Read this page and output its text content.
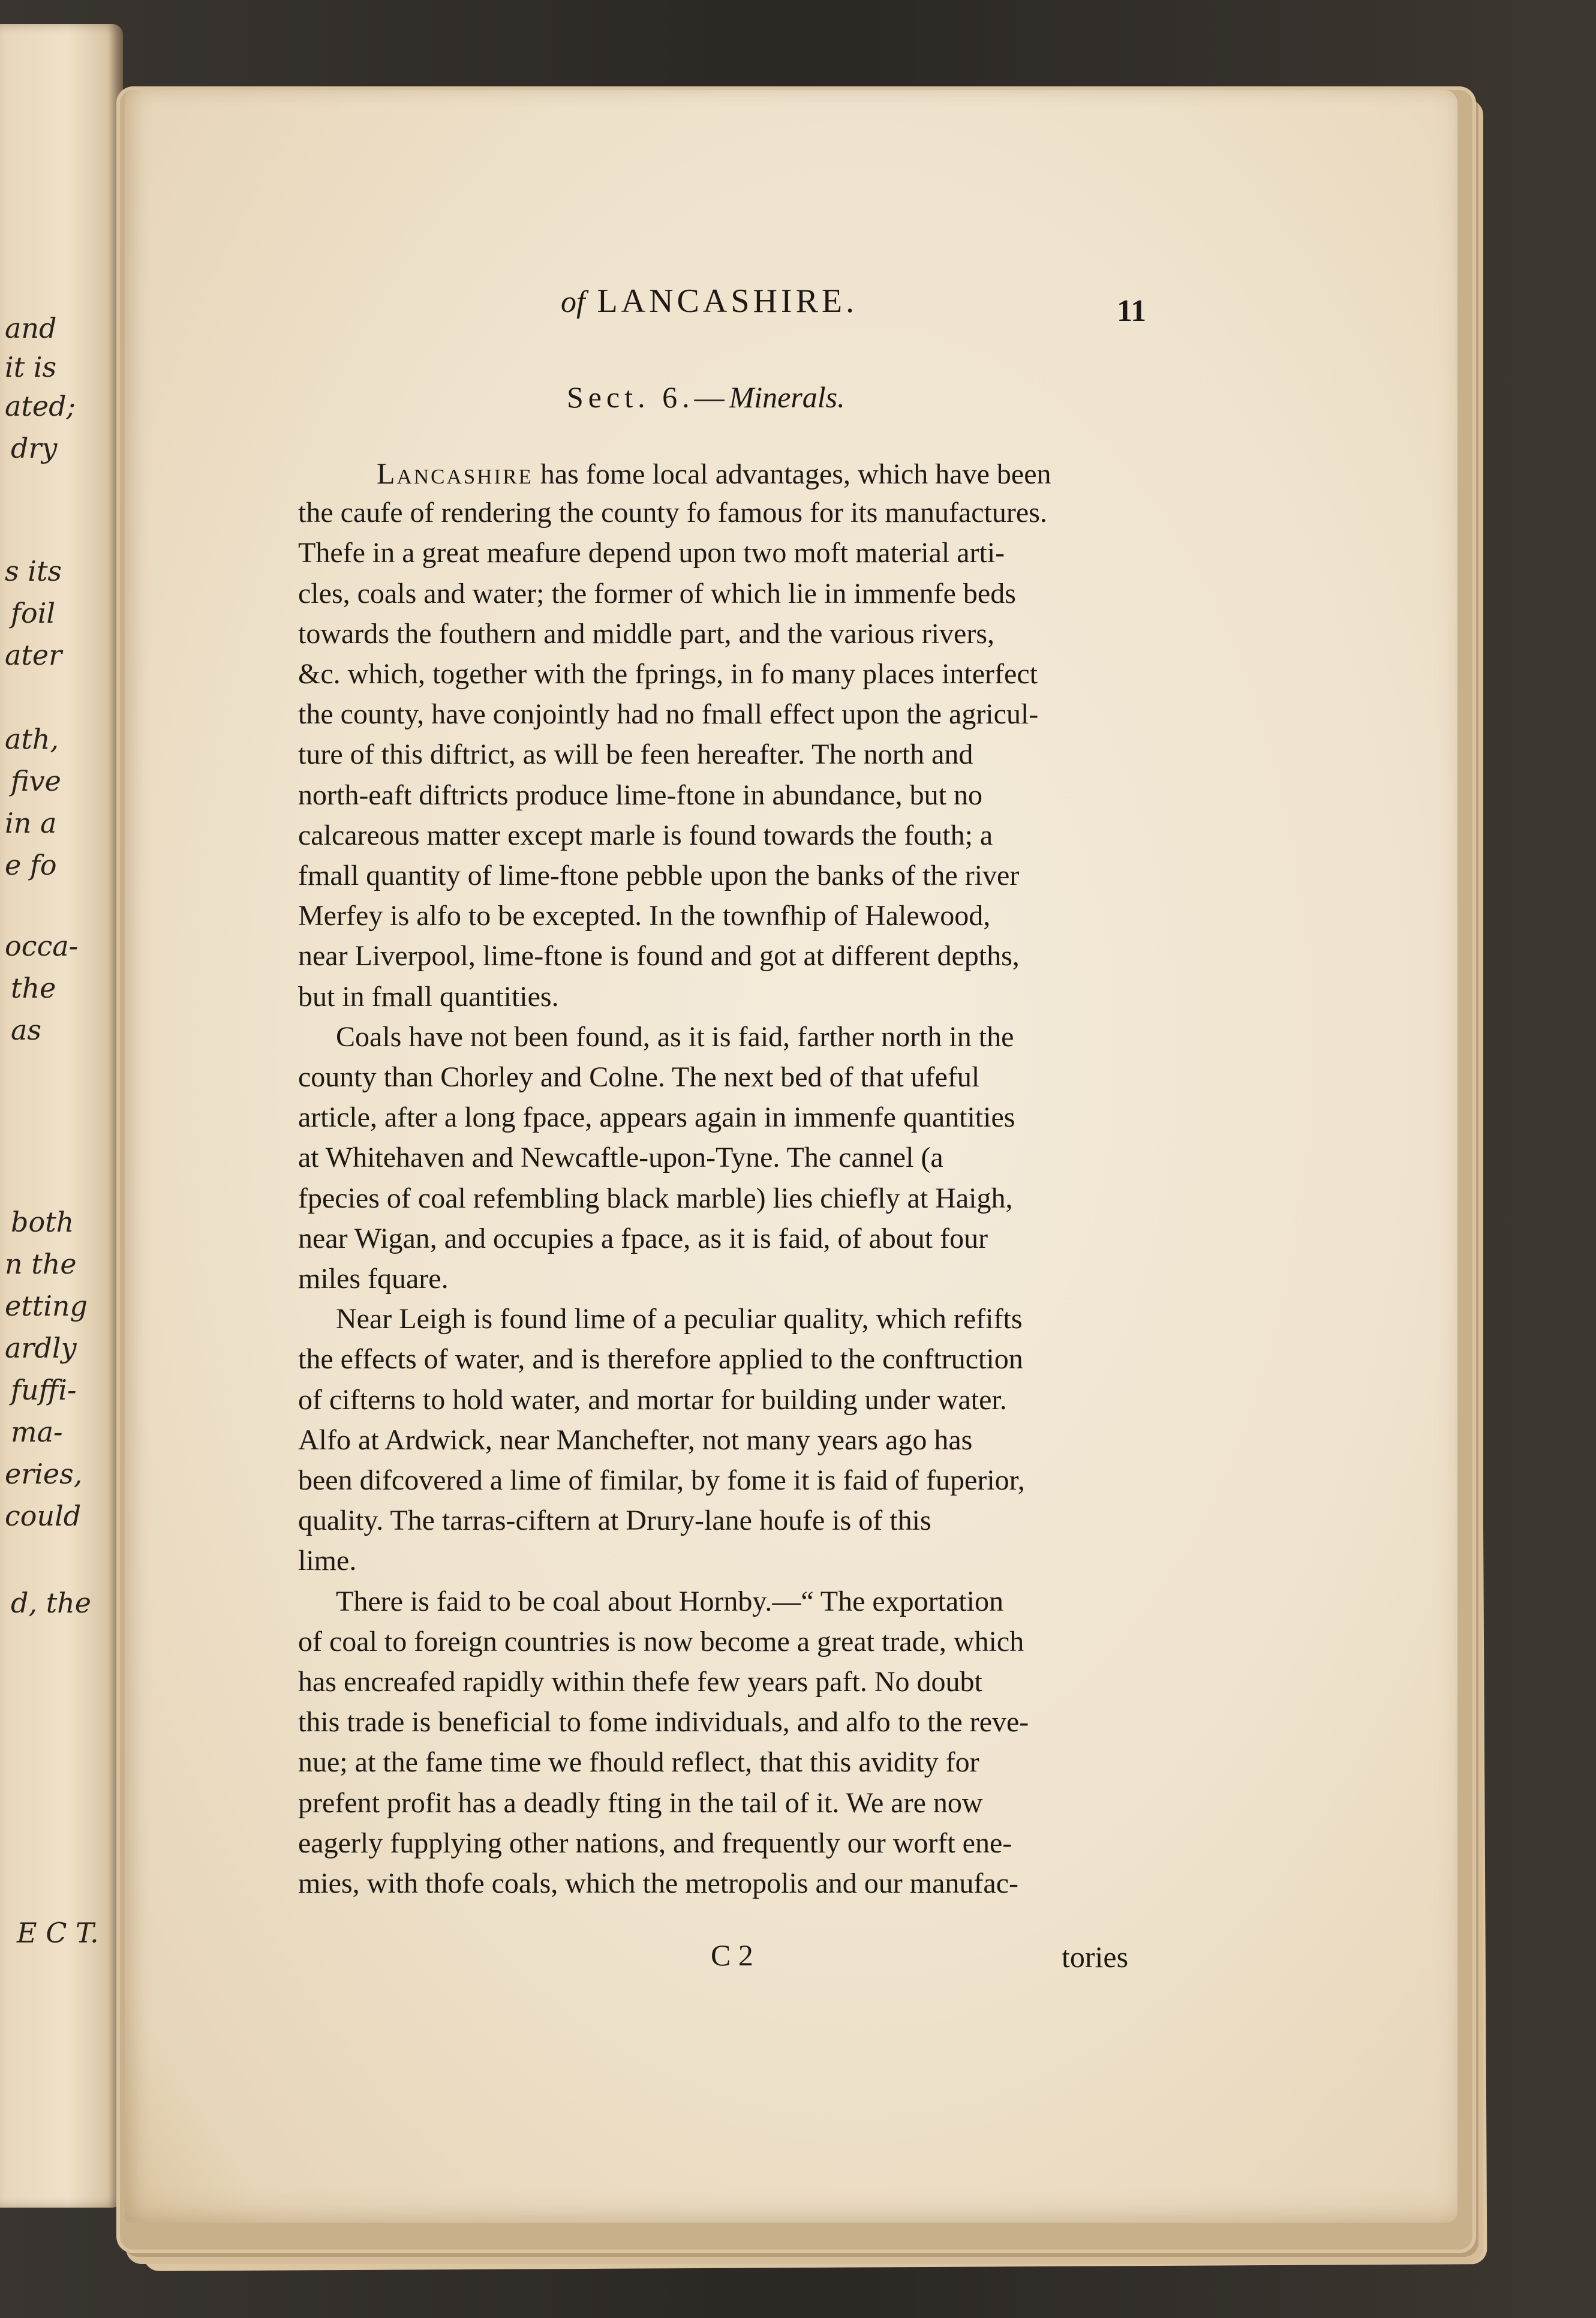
and
it is
ated;
dry
s its
foil
ater
ath,
five
in a
e fo
occa-
the
as
both
n the
etting
ardly
fuffi-
ma-
eries,
could
d, the
E C T.
of LANCASHIRE.	11
Sect. 6.—Minerals.
Lancashire has fome local advantages, which have been
the caufe of rendering the county fo famous for its manufactures.
Thefe in a great meafure depend upon two moft material arti-
cles, coals and water; the former of which lie in immenfe beds
towards the fouthern and middle part, and the various rivers,
&c. which, together with the fprings, in fo many places interfect
the county, have conjointly had no fmall effect upon the agricul-
ture of this diftrict, as will be feen hereafter. The north and
north-eaft diftricts produce lime-ftone in abundance, but no
calcareous matter except marle is found towards the fouth; a
fmall quantity of lime-ftone pebble upon the banks of the river
Merfey is alfo to be excepted. In the townfhip of Halewood,
near Liverpool, lime-ftone is found and got at different depths,
but in fmall quantities.
Coals have not been found, as it is faid, farther north in the
county than Chorley and Colne. The next bed of that ufeful
article, after a long fpace, appears again in immenfe quantities
at Whitehaven and Newcaftle-upon-Tyne. The cannel (a
fpecies of coal refembling black marble) lies chiefly at Haigh,
near Wigan, and occupies a fpace, as it is faid, of about four
miles fquare.
Near Leigh is found lime of a peculiar quality, which refifts
the effects of water, and is therefore applied to the conftruction
of cifterns to hold water, and mortar for building under water.
Alfo at Ardwick, near Manchefter, not many years ago has
been difcovered a lime of fimilar, by fome it is faid of fuperior,
quality. The tarras-ciftern at Drury-lane houfe is of this
lime.
There is faid to be coal about Hornby.—“ The exportation
of coal to foreign countries is now become a great trade, which
has encreafed rapidly within thefe few years paft. No doubt
this trade is beneficial to fome individuals, and alfo to the reve-
nue; at the fame time we fhould reflect, that this avidity for
prefent profit has a deadly fting in the tail of it. We are now
eagerly fupplying other nations, and frequently our worft ene-
mies, with thofe coals, which the metropolis and our manufac-
C 2	tories
